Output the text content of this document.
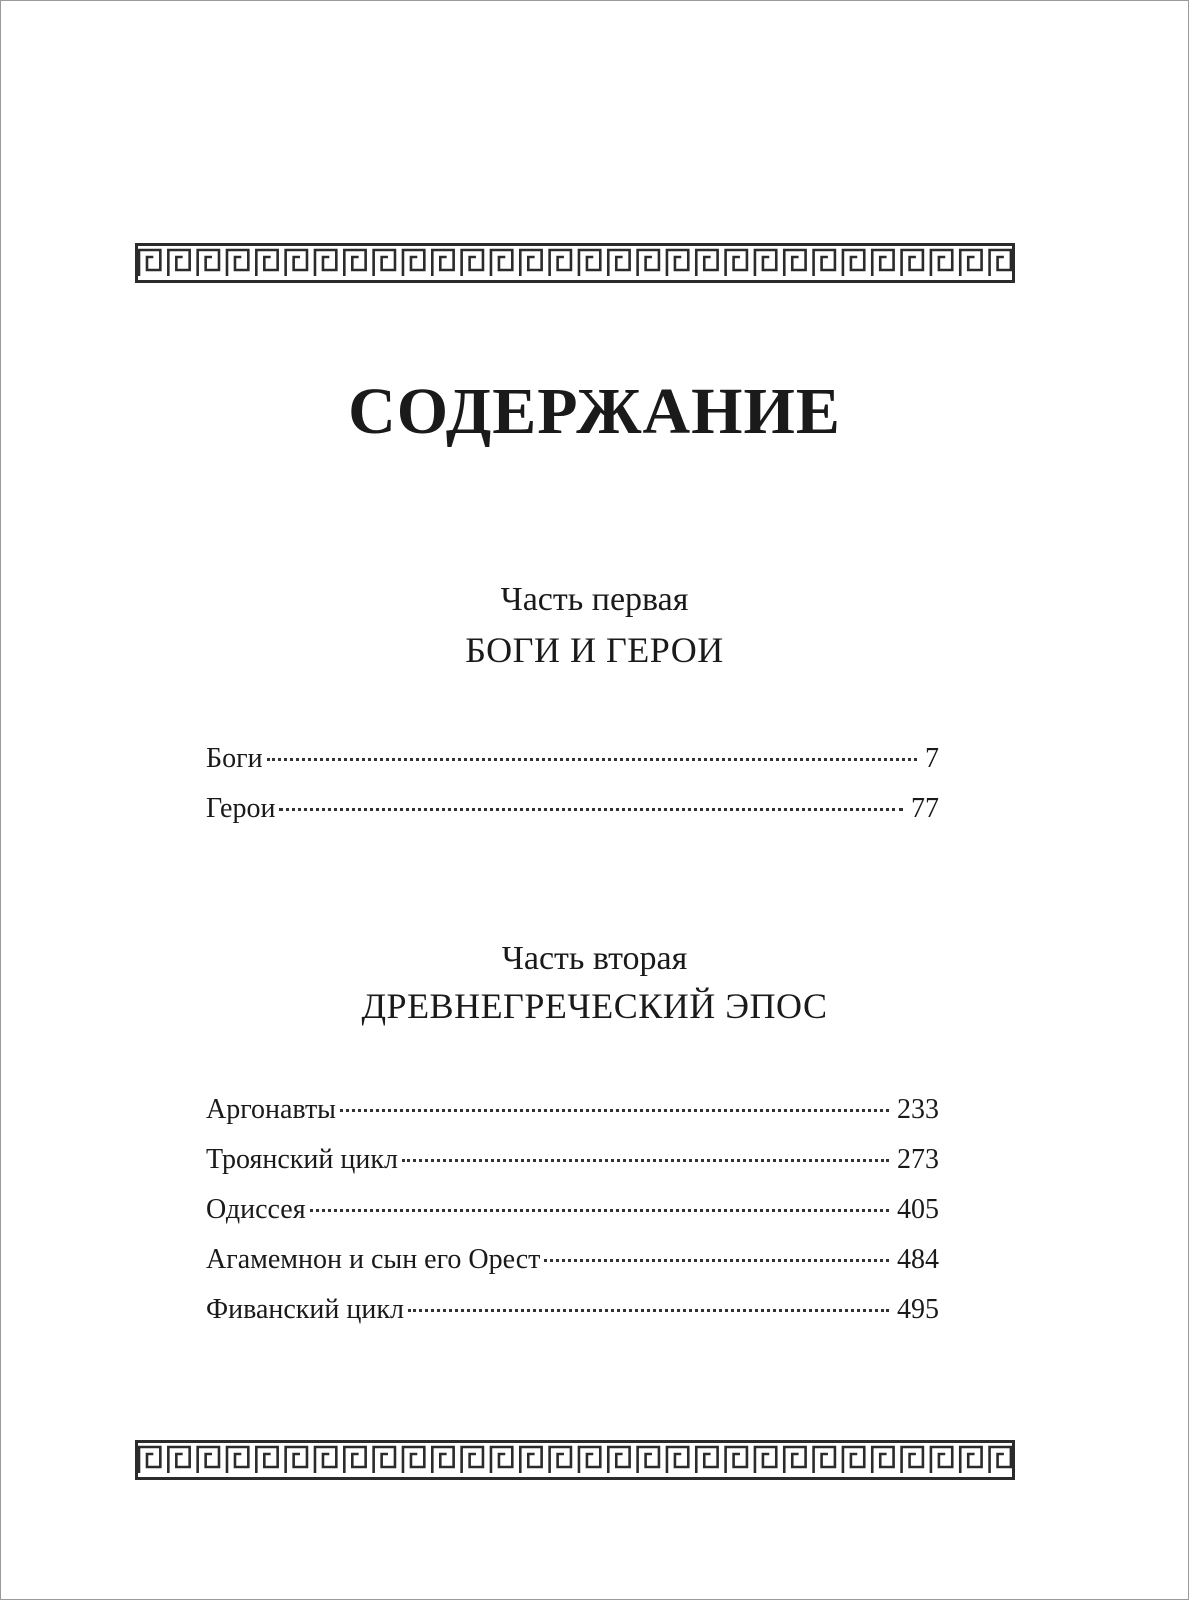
СОДЕРЖАНИЕ
Часть первая
БОГИ И ГЕРОИ
Боги	7
Герои	77
Часть вторая
ДРЕВНЕГРЕЧЕСКИЙ ЭПОС
Аргонавты	233
Троянский цикл	273
Одиссея	405
Агамемнон и сын его Орест	484
Фиванский цикл	495
